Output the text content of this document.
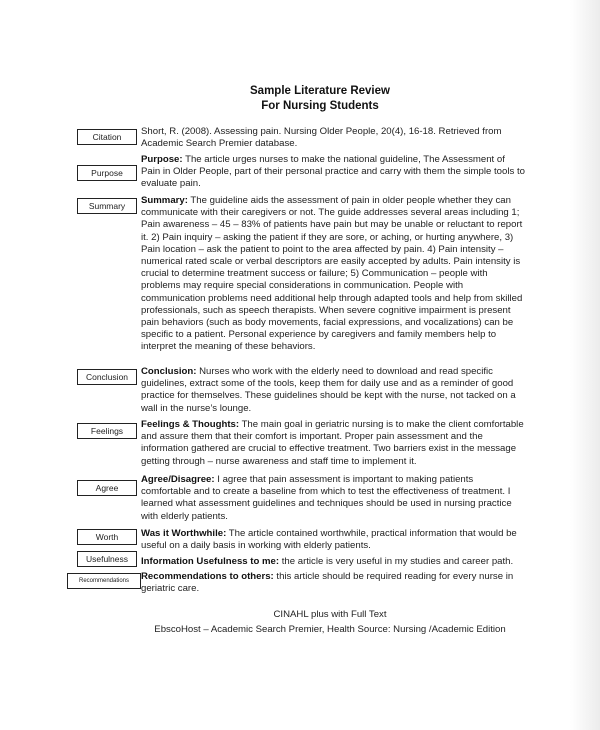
Sample Literature Review
For Nursing Students
Citation
Purpose
Summary
Conclusion
Feelings
Agree
Worth
Usefulness
Recommendations
Short, R. (2008). Assessing pain. Nursing Older People, 20(4), 16-18. Retrieved from Academic Search Premier database.
Purpose: The article urges nurses to make the national guideline, The Assessment of Pain in Older People, part of their personal practice and carry with them the simple tools to evaluate pain.
Summary: The guideline aids the assessment of pain in older people whether they can communicate with their caregivers or not. The guide addresses several areas including 1; Pain awareness – 45 – 83% of patients have pain but may be unable or reluctant to report it. 2) Pain inquiry – asking the patient if they are sore, or aching, or hurting anywhere, 3) Pain location – ask the patient to point to the area affected by pain. 4) Pain intensity – numerical rated scale or verbal descriptors are easily accepted by adults. Pain intensity is crucial to determine treatment success or failure; 5) Communication – people with problems may require special considerations in communication. People with communication problems need additional help through adapted tools and help from skilled professionals, such as speech therapists. When severe cognitive impairment is present pain behaviors (such as body movements, facial expressions, and vocalizations) can be specific to a patient. Personal experience by caregivers and family members help to interpret the meaning of these behaviors.
Conclusion: Nurses who work with the elderly need to download and read specific guidelines, extract some of the tools, keep them for daily use and as a reminder of good practice for themselves. These guidelines should be kept with the nurse, not tacked on a wall in the nurse’s lounge.
Feelings & Thoughts: The main goal in geriatric nursing is to make the client comfortable and assure them that their comfort is important. Proper pain assessment and the information gathered are crucial to effective treatment. Two barriers exist in the message getting through – nurse awareness and staff time to implement it.
Agree/Disagree: I agree that pain assessment is important to making patients comfortable and to create a baseline from which to test the effectiveness of treatment. I learned what assessment guidelines and techniques should be used in nursing practice with elderly patients.
Was it Worthwhile: The article contained worthwhile, practical information that would be useful on a daily basis in working with elderly patients.
Information Usefulness to me: the article is very useful in my studies and career path.
Recommendations to others: this article should be required reading for every nurse in geriatric care.
CINAHL plus with Full Text
EbscoHost – Academic Search Premier, Health Source: Nursing /Academic Edition
